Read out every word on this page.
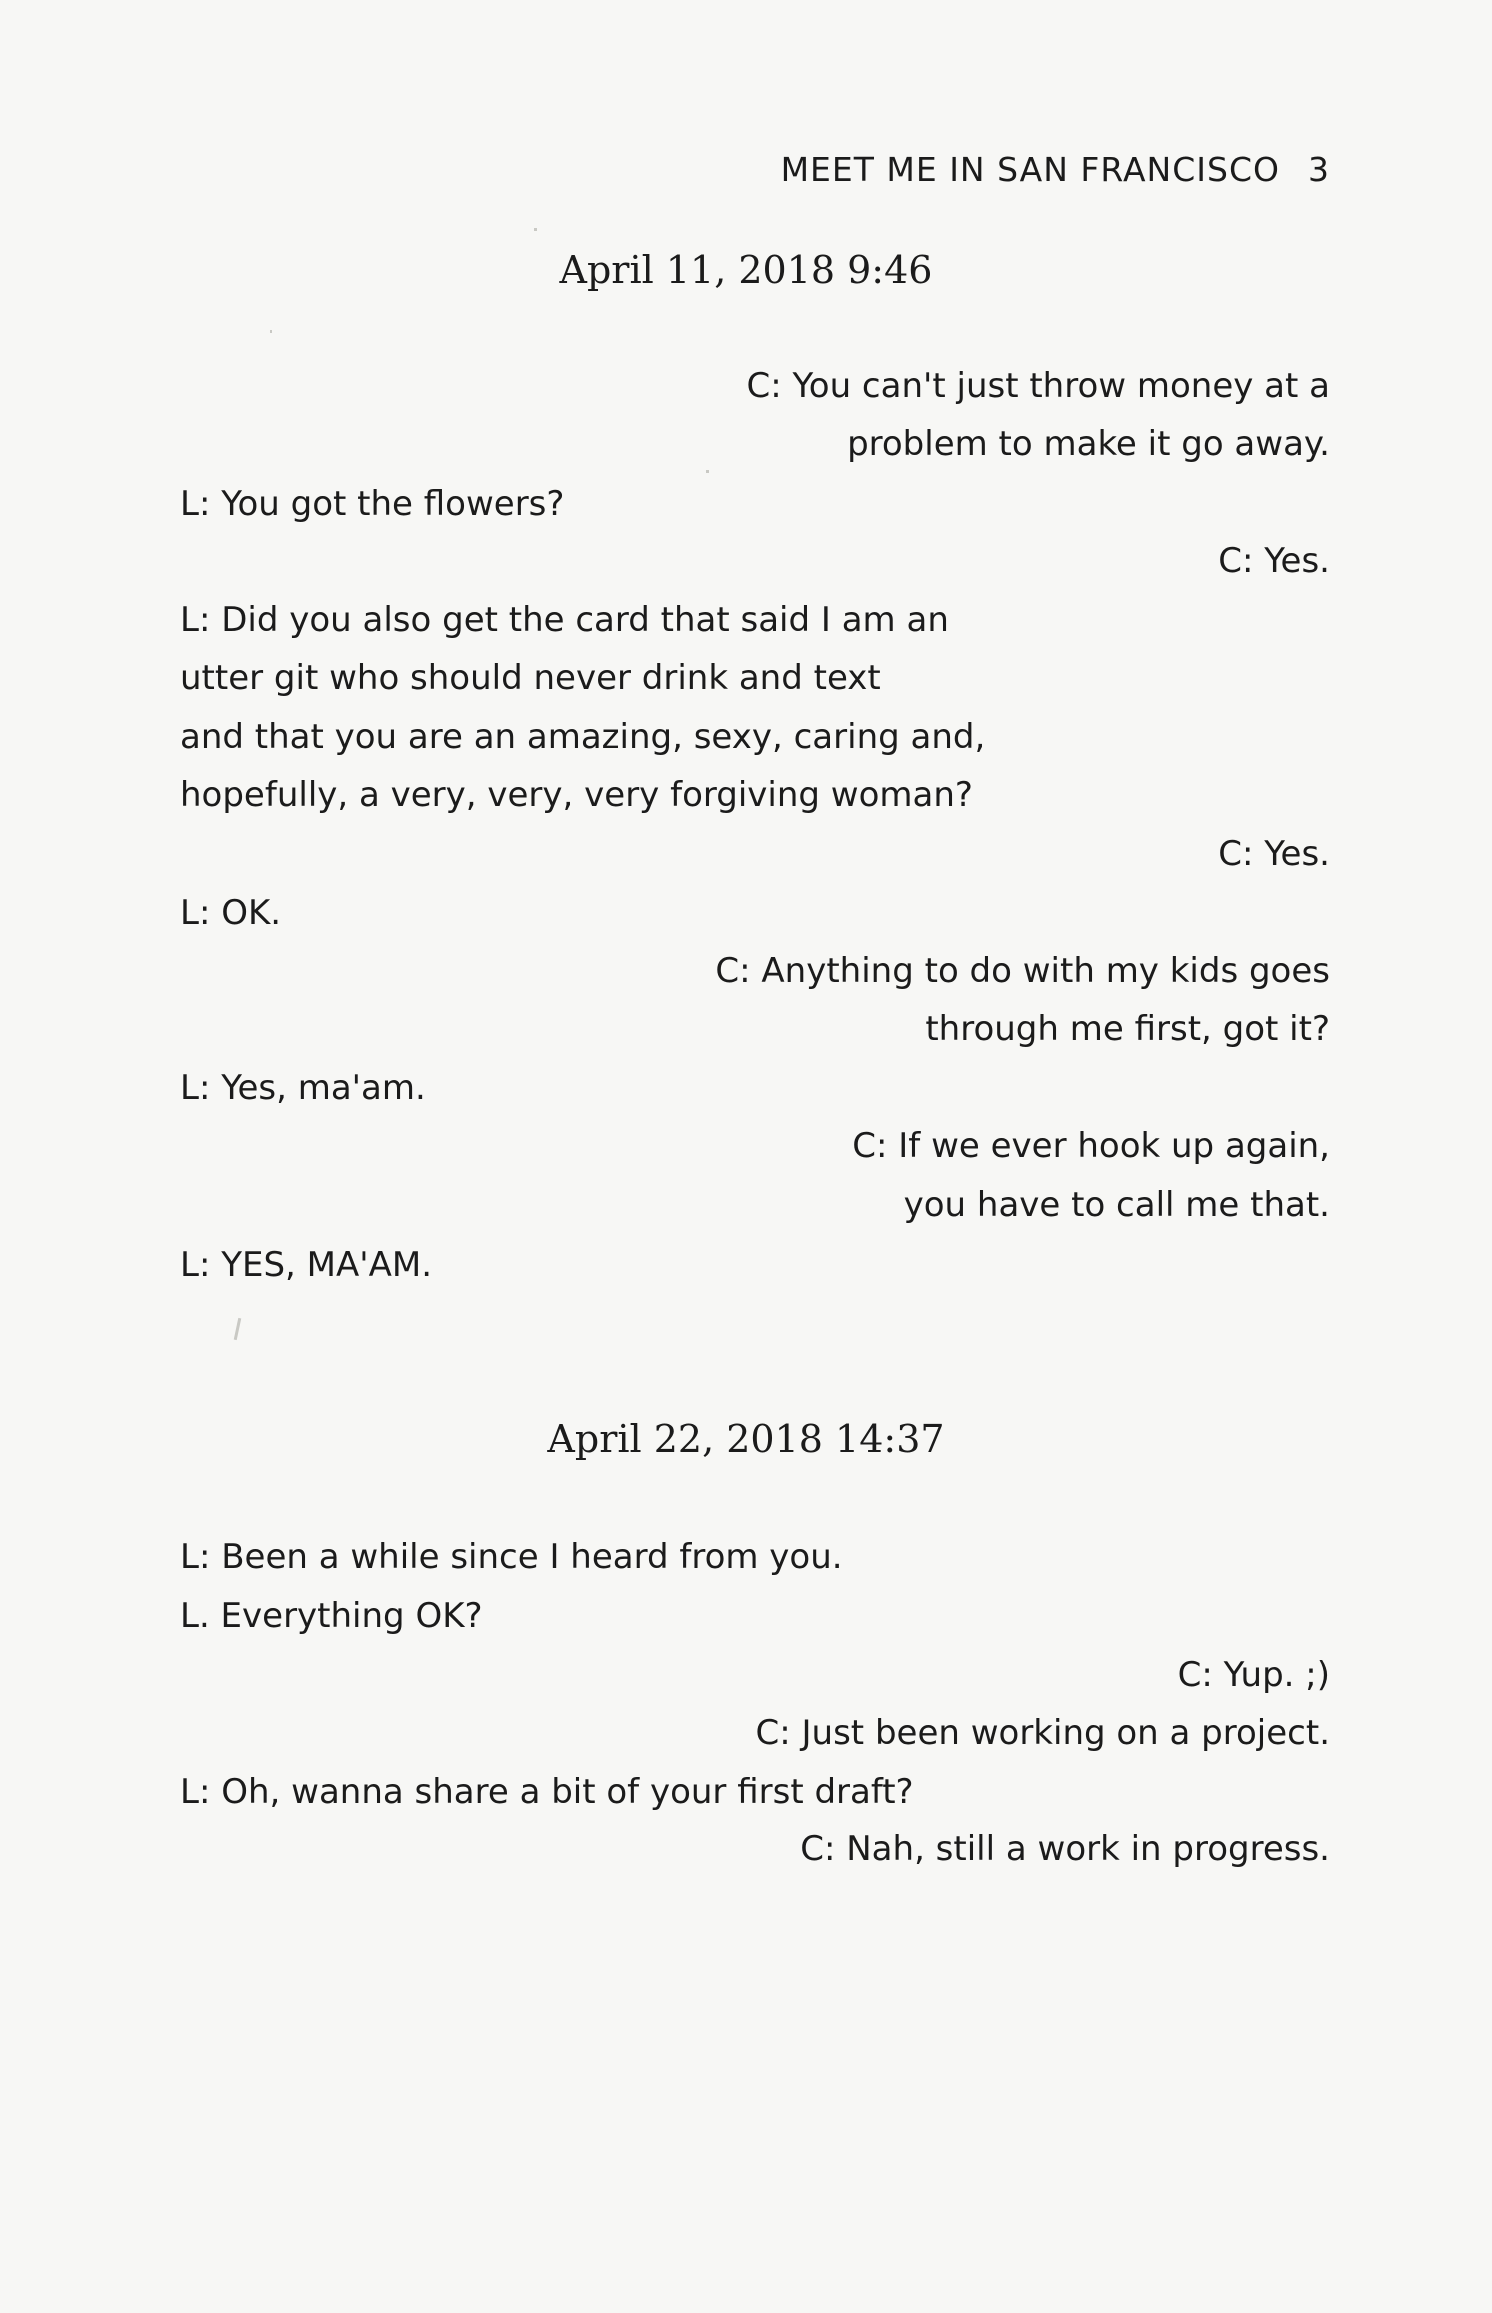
MEET ME IN SAN FRANCISCO 3
April 11, 2018 9:46
C: You can't just throw money at a
problem to make it go away.
L: You got the flowers?
C: Yes.
L: Did you also get the card that said I am an
utter git who should never drink and text
and that you are an amazing, sexy, caring and,
hopefully, a very, very, very forgiving woman?
C: Yes.
L: OK.
C: Anything to do with my kids goes
through me first, got it?
L: Yes, ma'am.
C: If we ever hook up again,
you have to call me that.
L: YES, MA'AM.
April 22, 2018 14:37
L: Been a while since I heard from you.
L. Everything OK?
C: Yup. ;)
C: Just been working on a project.
L: Oh, wanna share a bit of your first draft?
C: Nah, still a work in progress.
